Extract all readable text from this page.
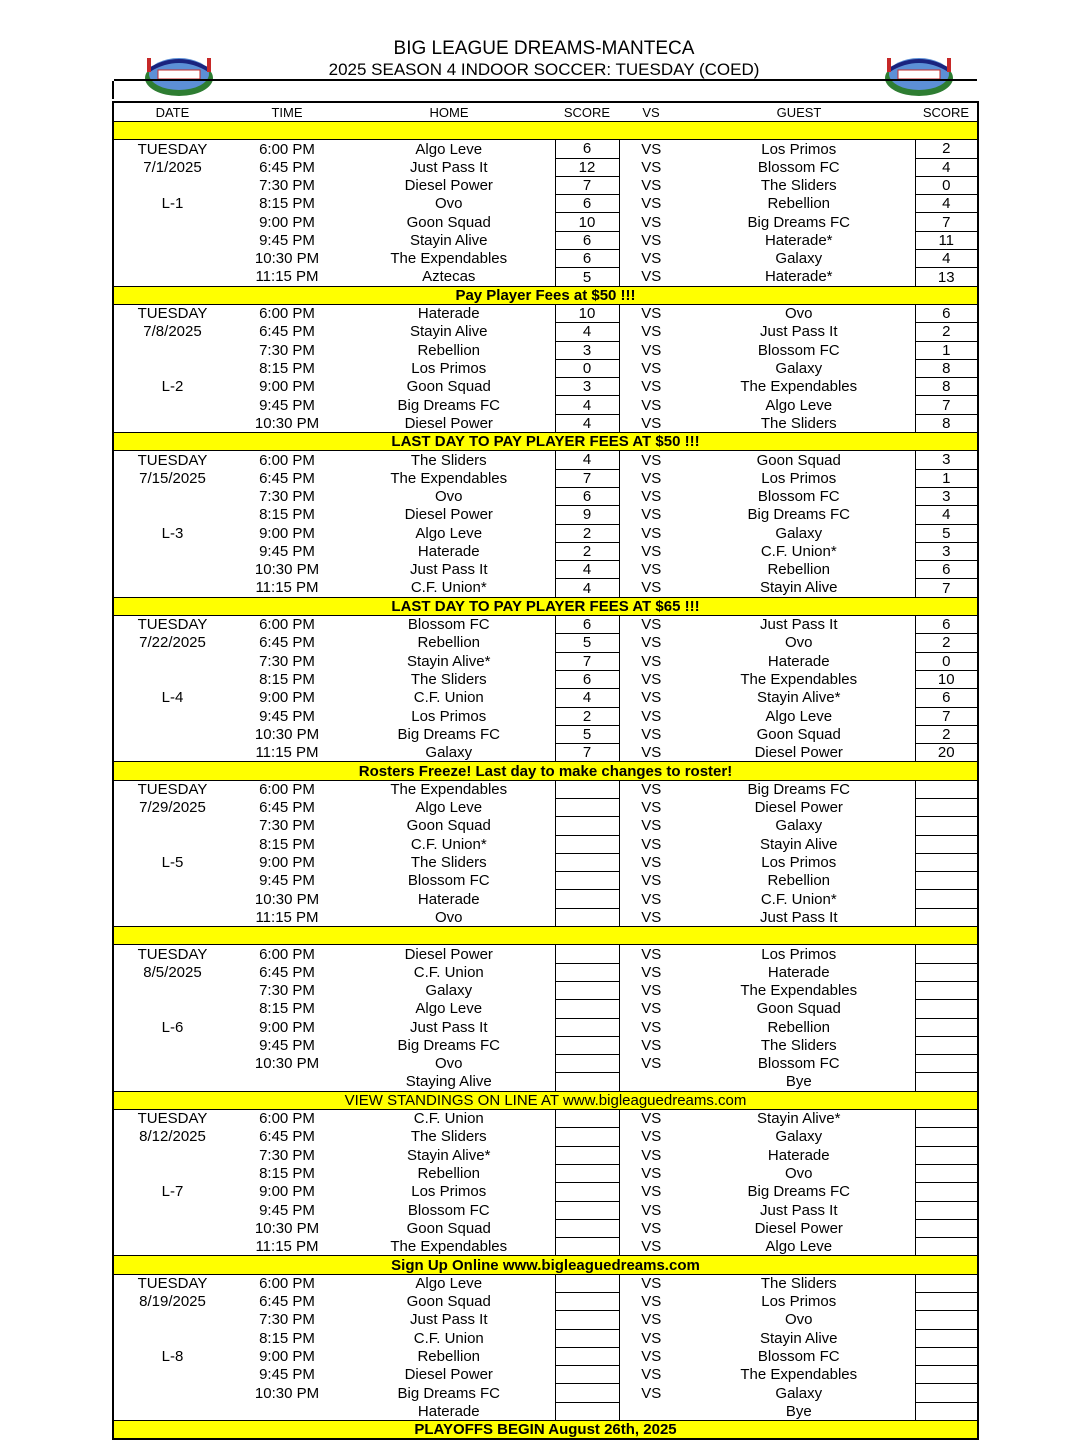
BIG LEAGUE DREAMS-MANTECA
2025 SEASON 4 INDOOR SOCCER: TUESDAY (COED)
DATE	TIME	HOME	SCORE	VS	GUEST	SCORE

TUESDAY	6:00 PM	Algo Leve	6	VS	Los Primos	2
7/1/2025	6:45 PM	Just Pass It	12	VS	Blossom FC	4
	7:30 PM	Diesel Power	7	VS	The Sliders	0
L-1	8:15 PM	Ovo	6	VS	Rebellion	4
	9:00 PM	Goon Squad	10	VS	Big Dreams FC	7
	9:45 PM	Stayin Alive	6	VS	Haterade*	11
	10:30 PM	The Expendables	6	VS	Galaxy	4
	11:15 PM	Aztecas	5	VS	Haterade*	13
Pay Player Fees at $50 !!!						
TUESDAY	6:00 PM	Haterade	10	VS	Ovo	6
7/8/2025	6:45 PM	Stayin Alive	4	VS	Just Pass It	2
	7:30 PM	Rebellion	3	VS	Blossom FC	1
	8:15 PM	Los Primos	0	VS	Galaxy	8
L-2	9:00 PM	Goon Squad	3	VS	The Expendables	8
	9:45 PM	Big Dreams FC	4	VS	Algo Leve	7
	10:30 PM	Diesel Power	4	VS	The Sliders	8
LAST DAY TO PAY PLAYER FEES AT $50 !!!						
TUESDAY	6:00 PM	The Sliders	4	VS	Goon Squad	3
7/15/2025	6:45 PM	The Expendables	7	VS	Los Primos	1
	7:30 PM	Ovo	6	VS	Blossom FC	3
	8:15 PM	Diesel Power	9	VS	Big Dreams FC	4
L-3	9:00 PM	Algo Leve	2	VS	Galaxy	5
	9:45 PM	Haterade	2	VS	C.F. Union*	3
	10:30 PM	Just Pass It	4	VS	Rebellion	6
	11:15 PM	C.F. Union*	4	VS	Stayin Alive	7
LAST DAY TO PAY PLAYER FEES AT $65 !!!						
TUESDAY	6:00 PM	Blossom FC	6	VS	Just Pass It	6
7/22/2025	6:45 PM	Rebellion	5	VS	Ovo	2
	7:30 PM	Stayin Alive*	7	VS	Haterade	0
	8:15 PM	The Sliders	6	VS	The Expendables	10
L-4	9:00 PM	C.F. Union	4	VS	Stayin Alive*	6
	9:45 PM	Los Primos	2	VS	Algo Leve	7
	10:30 PM	Big Dreams FC	5	VS	Goon Squad	2
	11:15 PM	Galaxy	7	VS	Diesel Power	20
Rosters Freeze! Last day to make changes to roster!						
TUESDAY	6:00 PM	The Expendables		VS	Big Dreams FC	
7/29/2025	6:45 PM	Algo Leve		VS	Diesel Power	
	7:30 PM	Goon Squad		VS	Galaxy	
	8:15 PM	C.F. Union*		VS	Stayin Alive	
L-5	9:00 PM	The Sliders		VS	Los Primos	
	9:45 PM	Blossom FC		VS	Rebellion	
	10:30 PM	Haterade		VS	C.F. Union*	
	11:15 PM	Ovo		VS	Just Pass It	

TUESDAY	6:00 PM	Diesel Power		VS	Los Primos	
8/5/2025	6:45 PM	C.F. Union		VS	Haterade	
	7:30 PM	Galaxy		VS	The Expendables	
	8:15 PM	Algo Leve		VS	Goon Squad	
L-6	9:00 PM	Just Pass It		VS	Rebellion	
	9:45 PM	Big Dreams FC		VS	The Sliders	
	10:30 PM	Ovo		VS	Blossom FC	
		Staying Alive			Bye	
VIEW STANDINGS ON LINE AT www.bigleaguedreams.com						
TUESDAY	6:00 PM	C.F. Union		VS	Stayin Alive*	
8/12/2025	6:45 PM	The Sliders		VS	Galaxy	
	7:30 PM	Stayin Alive*		VS	Haterade	
	8:15 PM	Rebellion		VS	Ovo	
L-7	9:00 PM	Los Primos		VS	Big Dreams FC	
	9:45 PM	Blossom FC		VS	Just Pass It	
	10:30 PM	Goon Squad		VS	Diesel Power	
	11:15 PM	The Expendables		VS	Algo Leve	
Sign Up Online www.bigleaguedreams.com						
TUESDAY	6:00 PM	Algo Leve		VS	The Sliders	
8/19/2025	6:45 PM	Goon Squad		VS	Los Primos	
	7:30 PM	Just Pass It		VS	Ovo	
	8:15 PM	C.F. Union		VS	Stayin Alive	
L-8	9:00 PM	Rebellion		VS	Blossom FC	
	9:45 PM	Diesel Power		VS	The Expendables	
	10:30 PM	Big Dreams FC		VS	Galaxy	
		Haterade			Bye	
PLAYOFFS BEGIN August 26th, 2025						
